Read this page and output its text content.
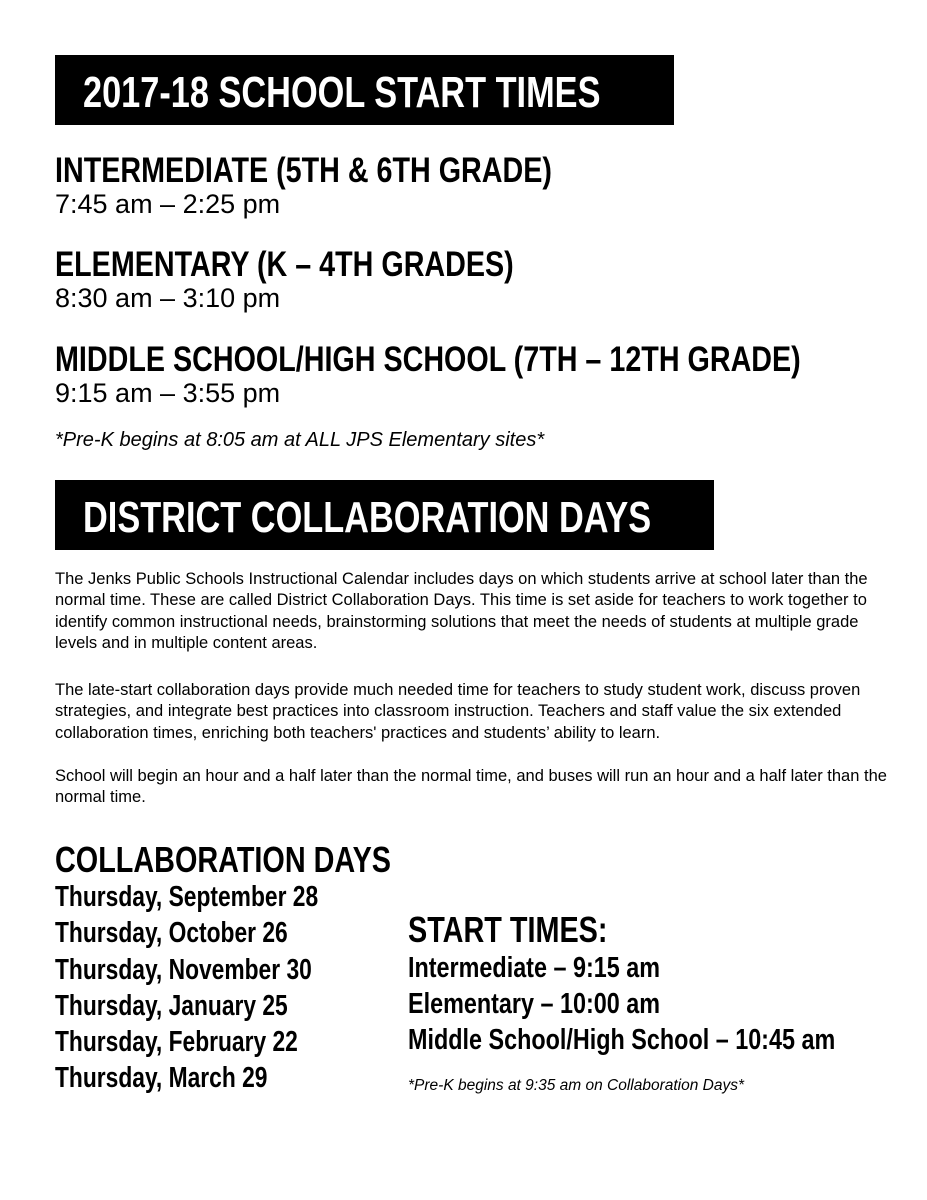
2017-18 SCHOOL START TIMES
INTERMEDIATE (5TH & 6TH GRADE)
7:45 am – 2:25 pm
ELEMENTARY (K – 4TH GRADES)
8:30 am – 3:10 pm
MIDDLE SCHOOL/HIGH SCHOOL (7TH – 12TH GRADE)
9:15 am – 3:55 pm
*Pre-K begins at 8:05 am at ALL JPS Elementary sites*
DISTRICT COLLABORATION DAYS

The Jenks Public Schools Instructional Calendar includes days on which students arrive at school later than the normal time. These are called District Collaboration Days. This time is set aside for teachers to work together to identify common instructional needs, brainstorming solutions that meet the needs of students at multiple grade levels and in multiple content areas.

The late-start collaboration days provide much needed time for teachers to study student work, discuss proven strategies, and integrate best practices into classroom instruction. Teachers and staff value the six extended collaboration times, enriching both teachers' practices and students’ ability to learn.

School will begin an hour and a half later than the normal time, and buses will run an hour and a half later than the normal time.

COLLABORATION DAYS
Thursday, September 28
Thursday, October 26
Thursday, November 30
Thursday, January 25
Thursday, February 22
Thursday, March 29
START TIMES:
Intermediate – 9:15 am
Elementary – 10:00 am
Middle School/High School – 10:45 am
*Pre-K begins at 9:35 am on Collaboration Days*
